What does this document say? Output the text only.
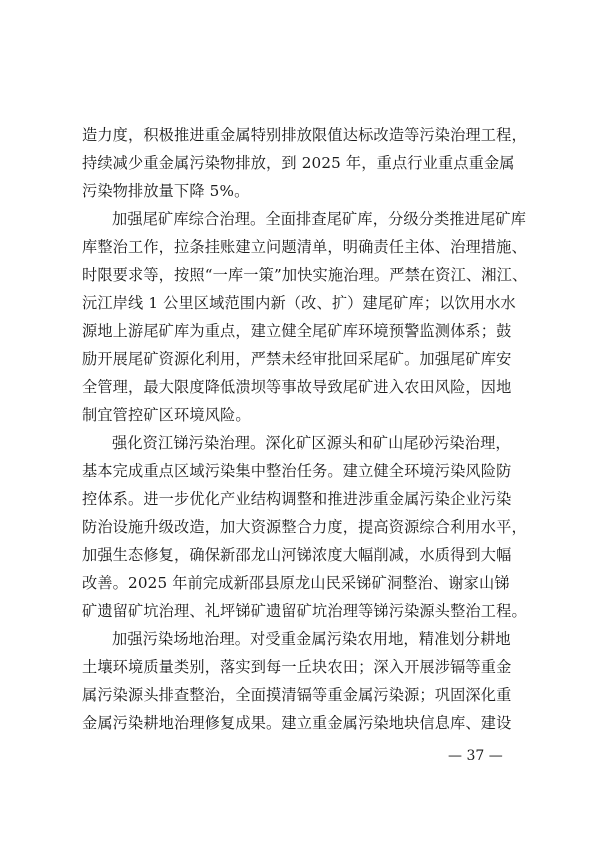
造力度，积极推进重金属特别排放限值达标改造等污染治理工程，
持续减少重金属污染物排放，到 2025 年，重点行业重点重金属
污染物排放量下降 5%。
加强尾矿库综合治理。全面排查尾矿库，分级分类推进尾矿库
库整治工作，拉条挂账建立问题清单，明确责任主体、治理措施、
时限要求等，按照“一库一策”加快实施治理。严禁在资江、湘江、
沅江岸线 1 公里区域范围内新（改、扩）建尾矿库；以饮用水水
源地上游尾矿库为重点，建立健全尾矿库环境预警监测体系；鼓
励开展尾矿资源化利用，严禁未经审批回采尾矿。加强尾矿库安
全管理，最大限度降低溃坝等事故导致尾矿进入农田风险，因地
制宜管控矿区环境风险。
强化资江锑污染治理。深化矿区源头和矿山尾砂污染治理，
基本完成重点区域污染集中整治任务。建立健全环境污染风险防
控体系。进一步优化产业结构调整和推进涉重金属污染企业污染
防治设施升级改造，加大资源整合力度，提高资源综合利用水平，
加强生态修复，确保新邵龙山河锑浓度大幅削减，水质得到大幅
改善。2025 年前完成新邵县原龙山民采锑矿洞整治、谢家山锑
矿遗留矿坑治理、礼坪锑矿遗留矿坑治理等锑污染源头整治工程。
加强污染场地治理。对受重金属污染农用地，精准划分耕地
土壤环境质量类别，落实到每一丘块农田；深入开展涉镉等重金
属污染源头排查整治，全面摸清镉等重金属污染源；巩固深化重
金属污染耕地治理修复成果。建立重金属污染地块信息库、建设
— 37 —
